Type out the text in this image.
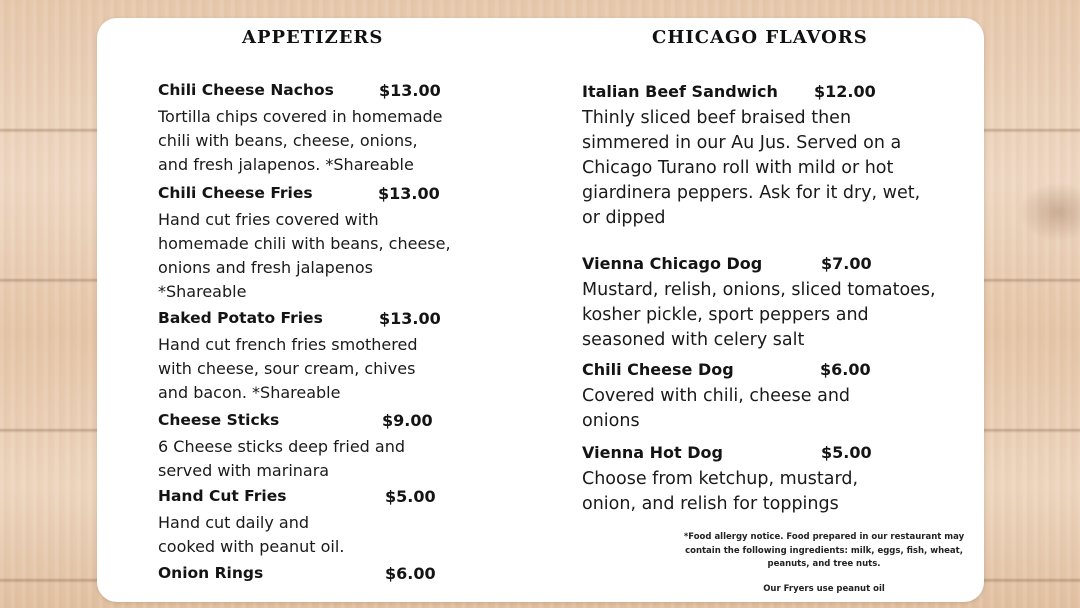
APPETIZERS	CHICAGO FLAVORS
Chili Cheese Nachos	$13.00
Tortilla chips covered in homemade
chili with beans, cheese, onions,
and fresh jalapenos. *Shareable
Chili Cheese Fries	$13.00
Hand cut fries covered with
homemade chili with beans, cheese,
onions and fresh jalapenos
*Shareable
Baked Potato Fries	$13.00
Hand cut french fries smothered
with cheese, sour cream, chives
and bacon. *Shareable
Cheese Sticks	$9.00
6 Cheese sticks deep fried and
served with marinara
Hand Cut Fries	$5.00
Hand cut daily and
cooked with peanut oil.
Onion Rings	$6.00
Italian Beef Sandwich $12.00
Thinly sliced beef braised then
simmered in our Au Jus. Served on a
Chicago Turano roll with mild or hot
giardinera peppers. Ask for it dry, wet,
or dipped
Vienna Chicago Dog	$7.00
Mustard, relish, onions, sliced tomatoes,
kosher pickle, sport peppers and
seasoned with celery salt
Chili Cheese Dog	$6.00
Covered with chili, cheese and
onions
Vienna Hot Dog	$5.00
Choose from ketchup, mustard,
onion, and relish for toppings
*Food allergy notice. Food prepared in our restaurant may contain the following ingredients: milk, eggs, fish, wheat, peanuts, and tree nuts.
Our Fryers use peanut oil
